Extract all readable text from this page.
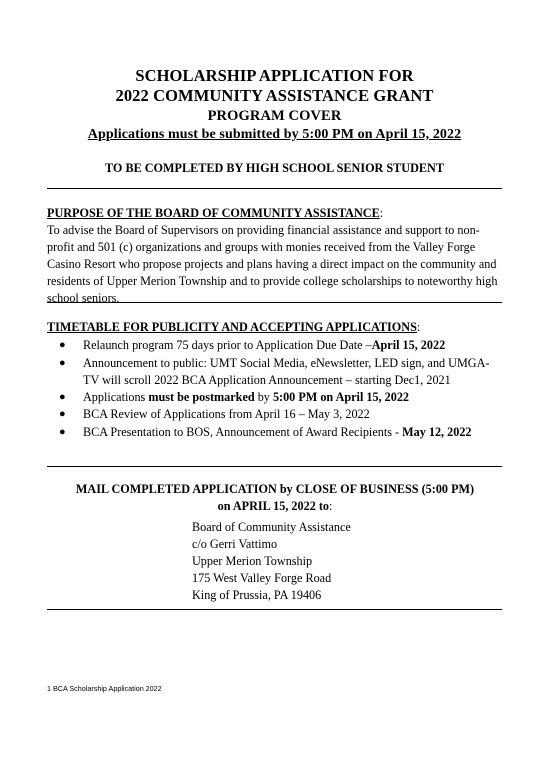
SCHOLARSHIP APPLICATION FOR
2022 COMMUNITY ASSISTANCE GRANT
PROGRAM COVER
Applications must be submitted by 5:00 PM on April 15, 2022
TO BE COMPLETED BY HIGH SCHOOL SENIOR STUDENT
PURPOSE OF THE BOARD OF COMMUNITY ASSISTANCE:
To advise the Board of Supervisors on providing financial assistance and support to non-profit and 501 (c) organizations and groups with monies received from the Valley Forge Casino Resort who propose projects and plans having a direct impact on the community and residents of Upper Merion Township and to provide college scholarships to noteworthy high school seniors.
TIMETABLE FOR PUBLICITY AND ACCEPTING APPLICATIONS:
● Relaunch program 75 days prior to Application Due Date –April 15, 2022
● Announcement to public: UMT Social Media, eNewsletter, LED sign, and UMGA-TV will scroll 2022 BCA Application Announcement – starting Dec1, 2021
● Applications must be postmarked by 5:00 PM on April 15, 2022
● BCA Review of Applications from April 16 – May 3, 2022
● BCA Presentation to BOS, Announcement of Award Recipients - May 12, 2022
MAIL COMPLETED APPLICATION by CLOSE OF BUSINESS (5:00 PM) on APRIL 15, 2022 to:
Board of Community Assistance
c/o Gerri Vattimo
Upper Merion Township
175 West Valley Forge Road
King of Prussia, PA 19406
1 BCA Scholarship Application 2022
